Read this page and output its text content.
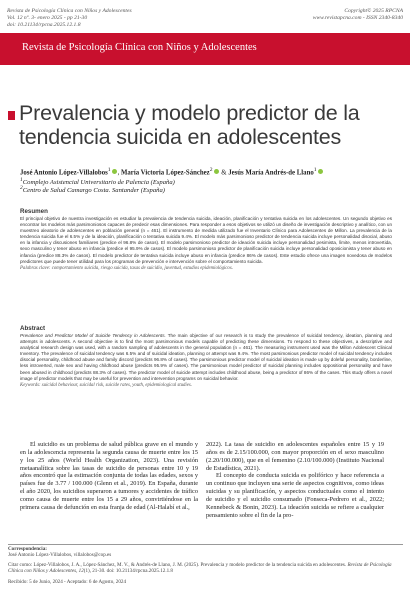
Revista de Psicología Clínica con Niños y Adolescentes
Vol. 12 nº. 3- enero 2025 - pp 21-30
doi: 10.21134/rpcna.2025.12.1.8
Copyright© 2025 RPCNA
www.revistapcna.com - ISSN 2340-8340
Revista de Psicología Clínica con Niños y Adolescentes
Prevalencia y modelo predictor de la
tendencia suicida en adolescentes
José Antonio López-Villalobos$^1$ , María Victoria López-Sánchez$^2$ & Jesús María Andrés-de Llano$^1$
$^1$Complejo Asistencial Universitario de Palencia (España)
$^2$Centro de Salud Camargo Costa. Santander (España)
Resumen
El principal objetivo de nuestra investigación es estudiar la prevalencia de tendencia suicida, ideación, planificación y tentativa suicida en los adolescentes. Un segundo objetivo es encontrar los modelos más parsimoniosos capaces de predecir esas dimensiones. Para responder a esos objetivos se utilizó un diseño de investigación descriptivo y analítico, con un muestreo aleatorio de adolescentes en población general (n = 461). El instrumento de medida utilizado fue el Inventario Clínico para Adolescentes de Millon. La prevalencia de la tendencia suicida fue el 6.5% y de la ideación, planificación o tentativa suicida 9.4%. El modelo más parsimonioso predictor de tendencia suicida incluye personalidad disocial, abuso en la infancia y discusiones familiares (predice el 96.8% de casos). El modelo parsimonioso predictor de ideación suicida incluye personalidad pesimista, límite, menos introvertida, sexo masculino y tener abuso en infancia (predice el 95.9% de casos). El modelo parsimonioso predictor de planificación suicida incluye personalidad oposicionista y tener abuso en infancia (predice 88.3% de casos). El modelo predictor de tentativa suicida incluye abuso en infancia (predice 86% de casos). Este estudio ofrece una imagen novedosa de modelos predictores que puede tener utilidad para los programas de prevención e intervención sobre el comportamiento suicida.
Palabras clave: comportamiento suicida, riesgo suicida, tasas de suicidio, juventud, estudios epidemiológicos.
Abstract
Prevalence and Predictor Model of Suicide Tendency in Adolescents. The main objective of our research is to study the prevalence of suicidal tendency, ideation, planning and attempts in adolescents. A second objective is to find the most parsimonious models capable of predicting these dimensions. To respond to these objectives, a descriptive and analytical research design was used, with a random sampling of adolescents in the general population (n = 461). The measuring instrument used was the Millon Adolescent Clinical Inventory. The prevalence of suicidal tendency was 6.5% and of suicidal ideation, planning or attempt was 9.4%. The most parsimonious predictor model of suicidal tendency includes disocial personality, childhood abuse and family discord (predicts 96.8% of cases). The parsimonious predictor model of suicidal ideation is made up by doleful personality, borderline, less introverted, male sex and having childhood abuse (predicts 95.9% of cases). The parsimonious model predictor of suicidal planning includes oppositional personality and have been abused in childhood (predicts 88.3% of cases). The predictor model of suicide attempt includes childhood abuse, being a predictor of 86% of the cases. This study offers a novel image of predictor models that may be useful for prevention and intervention programs on suicidal behavior.
Keywords: suicidal behaviour, suicidal risk, suicide rates, youth, epidemiological studies.

El suicidio es un problema de salud pública grave en el mundo y en la adolescencia representa la segunda causa de muerte entre los 15 y los 25 años (World Health Organization, 2023). Una revisión metaanalítica sobre las tasas de suicidio de personas entre 10 y 19 años encontró que la estimación conjunta de todas las edades, sexos y países fue de 3.77 / 100.000 (Glenn et al., 2019). En España, durante el año 2020, los suicidios superaron a tumores y accidentes de tráfico como causa de muerte entre los 15 a 29 años, convirtiéndose en la primera causa de defunción en esta franja de edad (Al-Halabí et al.,

2022). La tasa de suicidio en adolescentes españoles entre 15 y 19 años es de 2.15/100.000, con mayor proporción en el sexo masculino (2.20/100.000), que en el femenino (2.10/100.000) (Instituto Nacional de Estadística, 2021).

El concepto de conducta suicida es polifórico y hace referencia a un continuo que incluyen una serie de aspectos cognitivos, como ideas suicidas y su planificación, y aspectos conductuales como el intento de suicidio y el suicidio consumado (Fonseca-Pedrero et al., 2022; Kennebeck & Bonin, 2023). La ideación suicida se refiere a cualquier pensamiento sobre el fin de la pro-

Correspondencia:
José Antonio López-Villalobos, villalobos@cop.es
Citar como: López-Villalobos, J. A., López-Sánchez, M. V., & Andrés-de Llano, J. M. (2025). Prevalencia y modelo predictor de la tendencia suicida en adolescentes. Revista de Psicología Clínica con Niños y Adolescentes, 12(1), 21-30. doi: 10.21134/rpcna.2025.12.1.8
Recibido: 5 de Junio, 2024 - Aceptado: 6 de Agosto, 2024
